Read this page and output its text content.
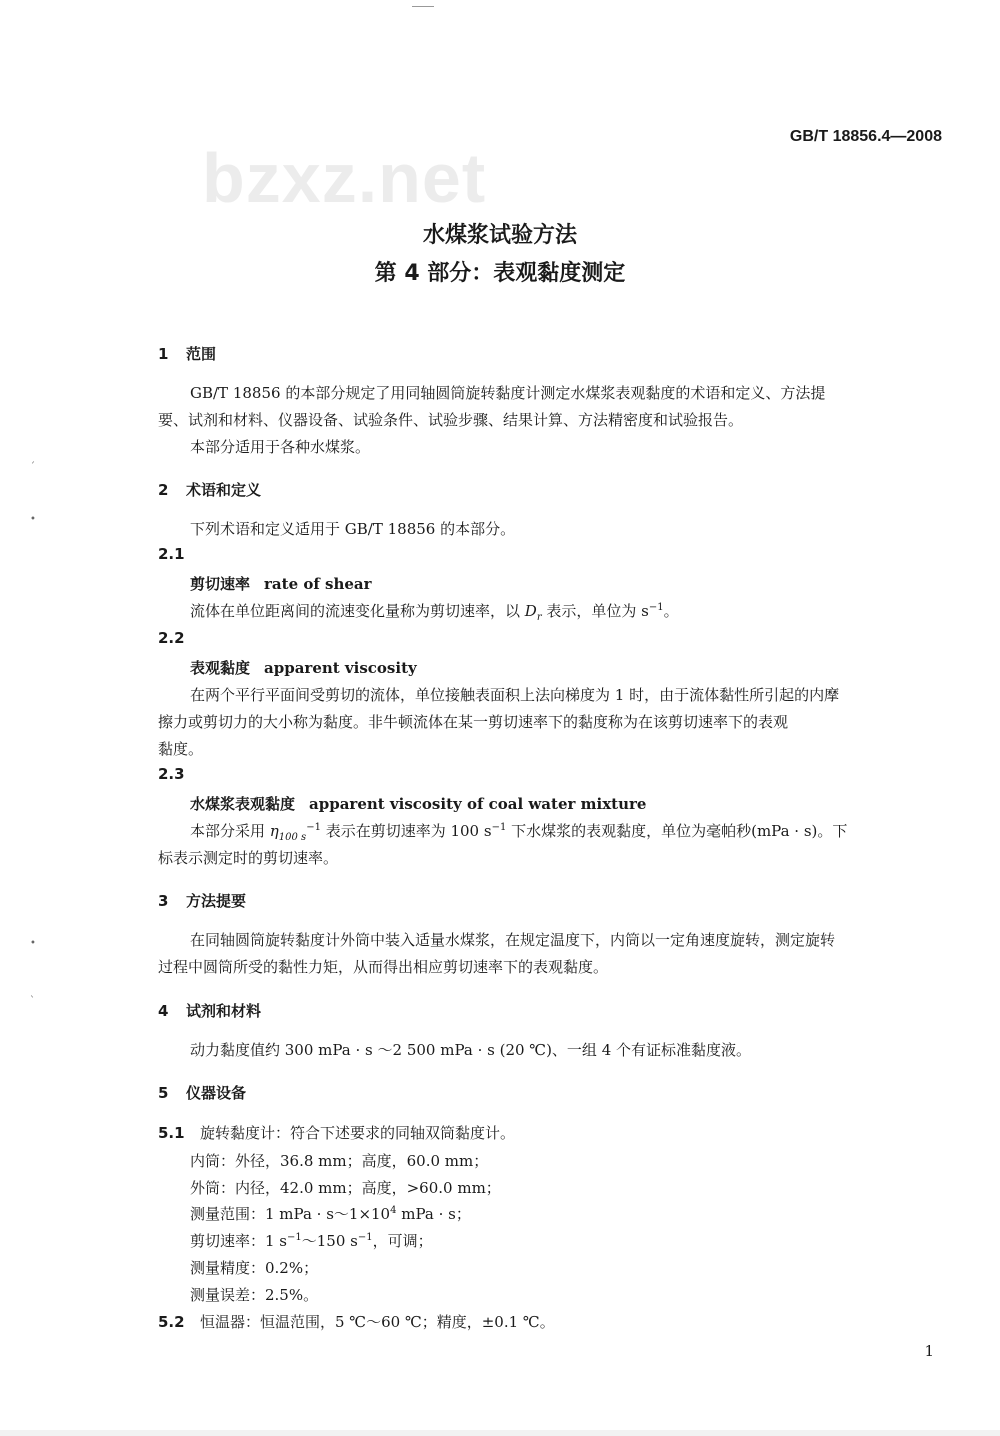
GB/T 18856.4—2008
bzxz.net
水煤浆试验方法
第 4 部分：表观黏度测定
1 范围
GB/T 18856 的本部分规定了用同轴圆筒旋转黏度计测定水煤浆表观黏度的术语和定义、方法提
要、试剂和材料、仪器设备、试验条件、试验步骤、结果计算、方法精密度和试验报告。
本部分适用于各种水煤浆。
2 术语和定义
下列术语和定义适用于 GB/T 18856 的本部分。
2.1
剪切速率 rate of shear
流体在单位距离间的流速变化量称为剪切速率，以 Dr 表示，单位为 $s^{-1}$。
2.2
表观黏度 apparent viscosity
在两个平行平面间受剪切的流体，单位接触表面积上法向梯度为 1 时，由于流体黏性所引起的内摩
擦力或剪切力的大小称为黏度。非牛顿流体在某一剪切速率下的黏度称为在该剪切速率下的表观
黏度。
2.3
水煤浆表观黏度 apparent viscosity of coal water mixture
本部分采用 η100 $s^{-1}$ 表示在剪切速率为 100 $s^{-1}$ 下水煤浆的表观黏度，单位为毫帕秒(mPa · s)。下
标表示测定时的剪切速率。
3 方法提要
在同轴圆筒旋转黏度计外筒中装入适量水煤浆，在规定温度下，内筒以一定角速度旋转，测定旋转
过程中圆筒所受的黏性力矩，从而得出相应剪切速率下的表观黏度。
4 试剂和材料
动力黏度值约 300 mPa · s ～2 500 mPa · s (20 ℃)、一组 4 个有证标准黏度液。
5 仪器设备
5.1 旋转黏度计：符合下述要求的同轴双筒黏度计。
内筒：外径，36.8 mm；高度，60.0 mm；
外筒：内径，42.0 mm；高度，>60.0 mm；
测量范围：1 mPa · $s\sim 1\times 10^4$ mPa · s；
剪切速率：1 $s^{-1}\sim 150$ $s^{-1}$，可调；
测量精度：0.2%；
测量误差：2.5%。
5.2 恒温器：恒温范围，5 ℃～60 ℃；精度，±0.1 ℃。
1
ˊ
•
•
ˋ
